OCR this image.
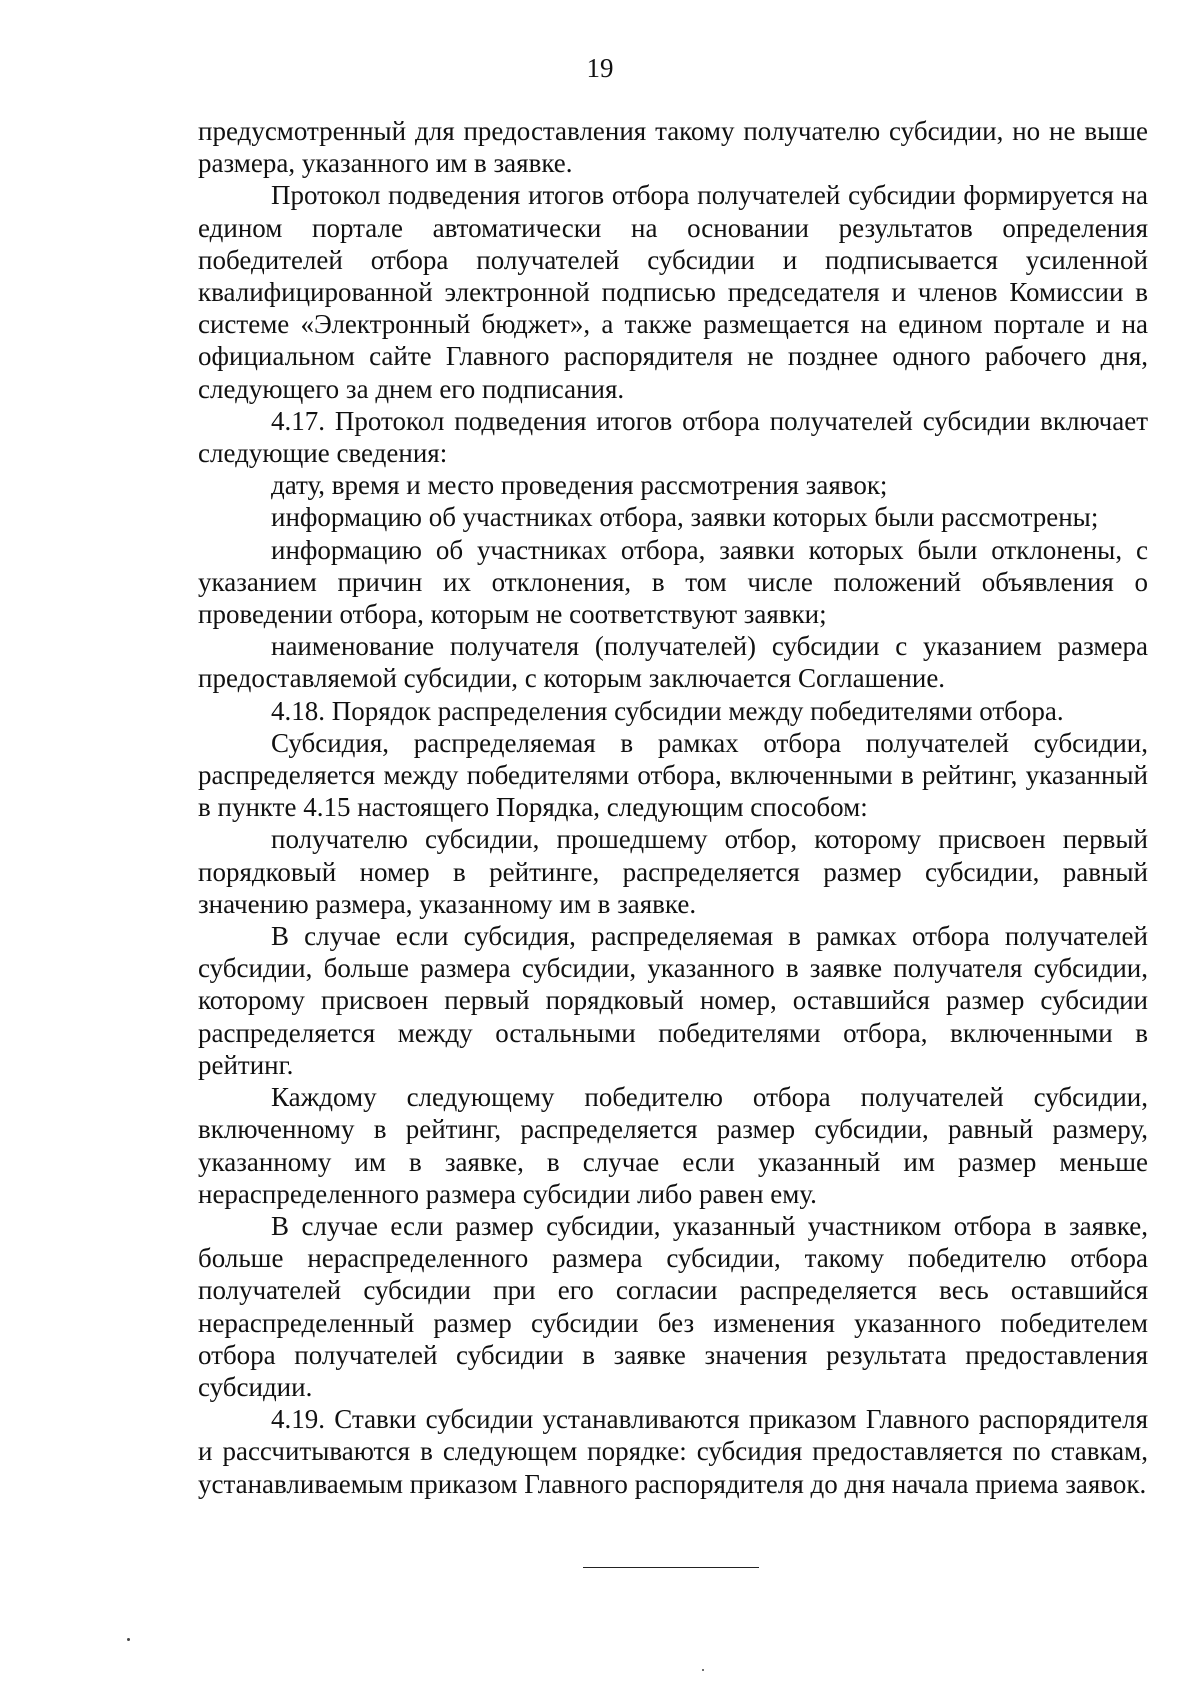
19

предусмотренный для предоставления такому получателю субсидии, но не выше размера, указанного им в заявке.

Протокол подведения итогов отбора получателей субсидии формируется на едином портале автоматически на основании результатов определения победителей отбора получателей субсидии и подписывается усиленной квалифицированной электронной подписью председателя и членов Комиссии в системе «Электронный бюджет», а также размещается на едином портале и на официальном сайте Главного распорядителя не позднее одного рабочего дня, следующего за днем его подписания.

4.17. Протокол подведения итогов отбора получателей субсидии включает следующие сведения:

дату, время и место проведения рассмотрения заявок;

информацию об участниках отбора, заявки которых были рассмотрены;

информацию об участниках отбора, заявки которых были отклонены, с указанием причин их отклонения, в том числе положений объявления о проведении отбора, которым не соответствуют заявки;

наименование получателя (получателей) субсидии с указанием размера предоставляемой субсидии, с которым заключается Соглашение.

4.18. Порядок распределения субсидии между победителями отбора.

Субсидия, распределяемая в рамках отбора получателей субсидии, распределяется между победителями отбора, включенными в рейтинг, указанный в пункте 4.15 настоящего Порядка, следующим способом:

получателю субсидии, прошедшему отбор, которому присвоен первый порядковый номер в рейтинге, распределяется размер субсидии, равный значению размера, указанному им в заявке.

В случае если субсидия, распределяемая в рамках отбора получателей субсидии, больше размера субсидии, указанного в заявке получателя субсидии, которому присвоен первый порядковый номер, оставшийся размер субсидии распределяется между остальными победителями отбора, включенными в рейтинг.

Каждому следующему победителю отбора получателей субсидии, включенному в рейтинг, распределяется размер субсидии, равный размеру, указанному им в заявке, в случае если указанный им размер меньше нераспределенного размера субсидии либо равен ему.

В случае если размер субсидии, указанный участником отбора в заявке, больше нераспределенного размера субсидии, такому победителю отбора получателей субсидии при его согласии распределяется весь оставшийся нераспределенный размер субсидии без изменения указанного победителем отбора получателей субсидии в заявке значения результата предоставления субсидии.

4.19. Ставки субсидии устанавливаются приказом Главного распорядителя и рассчитываются в следующем порядке: субсидия предоставляется по ставкам, устанавливаемым приказом Главного распорядителя до дня начала приема заявок.
